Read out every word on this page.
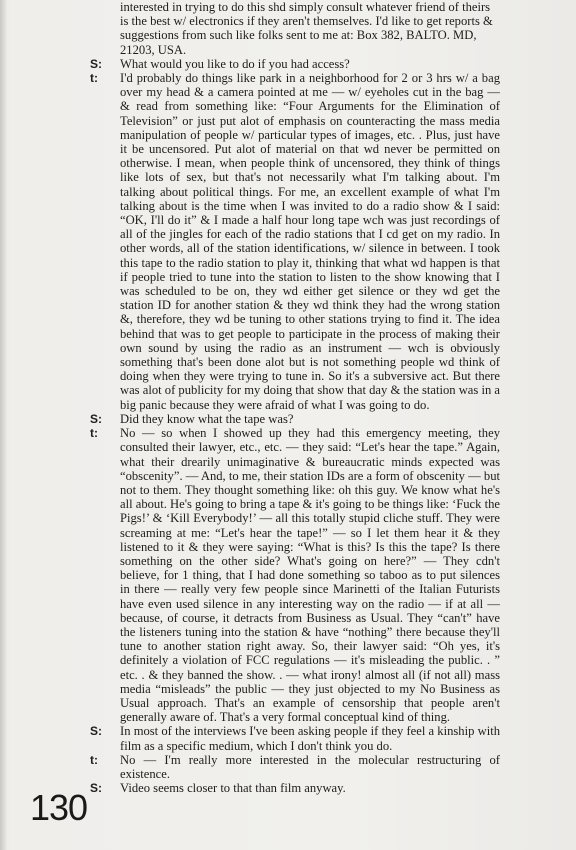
interested in trying to do this shd simply consult whatever friend of theirs is the best w/ electronics if they aren't themselves. I'd like to get reports & suggestions from such like folks sent to me at: Box 382, BALTO. MD, 21203, USA.
S:	What would you like to do if you had access?
t:	I'd probably do things like park in a neighborhood for 2 or 3 hrs w/ a bag over my head & a camera pointed at me — w/ eyeholes cut in the bag — & read from something like: “Four Arguments for the Elimination of Television” or just put alot of emphasis on counteracting the mass media manipulation of people w/ particular types of images, etc. . Plus, just have it be uncensored. Put alot of material on that wd never be permitted on otherwise. I mean, when people think of uncensored, they think of things like lots of sex, but that's not necessarily what I'm talking about. I'm talking about political things. For me, an excellent example of what I'm talking about is the time when I was invited to do a radio show & I said: “OK, I'll do it” & I made a half hour long tape wch was just recordings of all of the jingles for each of the radio stations that I cd get on my radio. In other words, all of the station identifications, w/ silence in between. I took this tape to the radio station to play it, thinking that what wd happen is that if people tried to tune into the station to listen to the show knowing that I was scheduled to be on, they wd either get silence or they wd get the station ID for another station & they wd think they had the wrong station &, therefore, they wd be tuning to other stations trying to find it. The idea behind that was to get people to participate in the process of making their own sound by using the radio as an instrument — wch is obviously something that's been done alot but is not something people wd think of doing when they were trying to tune in. So it's a subversive act. But there was alot of publicity for my doing that show that day & the station was in a big panic because they were afraid of what I was going to do.
S:	Did they know what the tape was?
t:	No — so when I showed up they had this emergency meeting, they consulted their lawyer, etc., etc. — they said: “Let's hear the tape.” Again, what their drearily unimaginative & bureaucratic minds expected was “obscenity”. — And, to me, their station IDs are a form of obscenity — but not to them. They thought something like: oh this guy. We know what he's all about. He's going to bring a tape & it's going to be things like: ‘Fuck the Pigs!’ & ‘Kill Everybody!’ — all this totally stupid cliche stuff. They were screaming at me: “Let's hear the tape!” — so I let them hear it & they listened to it & they were saying: “What is this? Is this the tape? Is there something on the other side? What's going on here?” — They cdn't believe, for 1 thing, that I had done something so taboo as to put silences in there — really very few people since Marinetti of the Italian Futurists have even used silence in any interesting way on the radio — if at all — because, of course, it detracts from Business as Usual. They “can't” have the listeners tuning into the station & have “nothing” there because they'll tune to another station right away. So, their lawyer said: “Oh yes, it's definitely a violation of FCC regulations — it's misleading the public. . ” etc. . & they banned the show. . — what irony! almost all (if not all) mass media “misleads” the public — they just objected to my No Business as Usual approach. That's an example of censorship that people aren't generally aware of. That's a very formal conceptual kind of thing.
S:	In most of the interviews I've been asking people if they feel a kinship with film as a specific medium, which I don't think you do.
t:	No — I'm really more interested in the molecular restructuring of existence.
S:	Video seems closer to that than film anyway.
130
